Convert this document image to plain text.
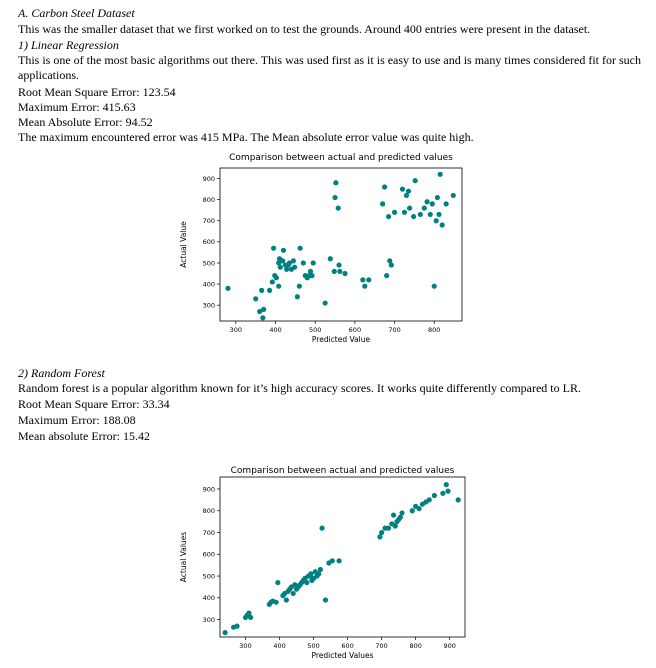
A. Carbon Steel Dataset
This was the smaller dataset that we first worked on to test the grounds. Around 400 entries were present in the dataset.
1) Linear Regression
This is one of the most basic algorithms out there. This was used first as it is easy to use and is many times considered fit for such applications.
Root Mean Square Error: 123.54
Maximum Error: 415.63
Mean Absolute Error: 94.52
The maximum encountered error was 415 MPa. The Mean absolute error value was quite high.
Comparison between actual and predicted values
300	400	500	600	700	800
300
400
500
600
700
800
900
Predicted Value
Actual Value
2) Random Forest
Random forest is a popular algorithm known for it’s high accuracy scores. It works quite differently compared to LR.
Root Mean Square Error: 33.34
Maximum Error: 188.08
Mean absolute Error: 15.42
Comparison between actual and predicted values
300	400	500	600	700	800	900
300
400
500
600
700
800
900
Predicted Values
Actual Values
